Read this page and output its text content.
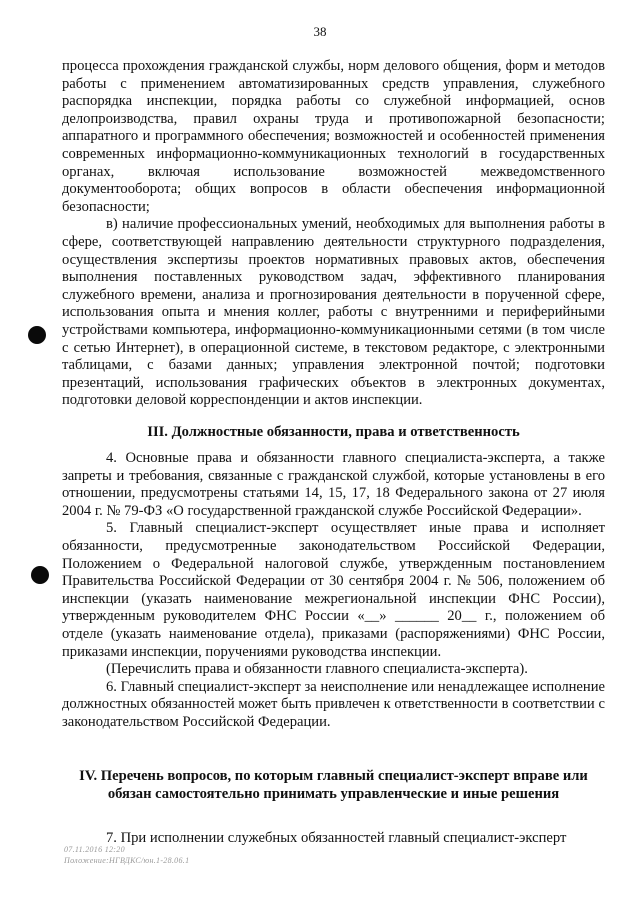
38

процесса прохождения гражданской службы, норм делового общения, форм и методов работы с применением автоматизированных средств управления, служебного распорядка инспекции, порядка работы со служебной информацией, основ делопроизводства, правил охраны труда и противопожарной безопасности; аппаратного и программного обеспечения; возможностей и особенностей применения современных информационно-коммуникационных технологий в государственных органах, включая использование возможностей межведомственного документооборота; общих вопросов в области обеспечения информационной безопасности;

в) наличие профессиональных умений, необходимых для выполнения работы в сфере, соответствующей направлению деятельности структурного подразделения, осуществления экспертизы проектов нормативных правовых актов, обеспечения выполнения поставленных руководством задач, эффективного планирования служебного времени, анализа и прогнозирования деятельности в порученной сфере, использования опыта и мнения коллег, работы с внутренними и периферийными устройствами компьютера, информационно-коммуникационными сетями (в том числе с сетью Интернет), в операционной системе, в текстовом редакторе, с электронными таблицами, с базами данных; управления электронной почтой; подготовки презентаций, использования графических объектов в электронных документах, подготовки деловой корреспонденции и актов инспекции.

III. Должностные обязанности, права и ответственность

4. Основные права и обязанности главного специалиста-эксперта, а также запреты и требования, связанные с гражданской службой, которые установлены в его отношении, предусмотрены статьями 14, 15, 17, 18 Федерального закона от 27 июля 2004 г. № 79-ФЗ «О государственной гражданской службе Российской Федерации».

5. Главный специалист-эксперт осуществляет иные права и исполняет обязанности, предусмотренные законодательством Российской Федерации, Положением о Федеральной налоговой службе, утвержденным постановлением Правительства Российской Федерации от 30 сентября 2004 г. № 506, положением об инспекции (указать наименование межрегиональной инспекции ФНС России), утвержденным руководителем ФНС России «__» ______ 20__ г., положением об отделе (указать наименование отдела), приказами (распоряжениями) ФНС России, приказами инспекции, поручениями руководства инспекции.

(Перечислить права и обязанности главного специалиста-эксперта).

6. Главный специалист-эксперт за неисполнение или ненадлежащее исполнение должностных обязанностей может быть привлечен к ответственности в соответствии с законодательством Российской Федерации.

IV. Перечень вопросов, по которым главный специалист-эксперт вправе или обязан самостоятельно принимать управленческие и иные решения

7. При исполнении служебных обязанностей главный специалист-эксперт

07.11.2016 12:20
Положение:НГВДКС/юн.1-28.06.1
